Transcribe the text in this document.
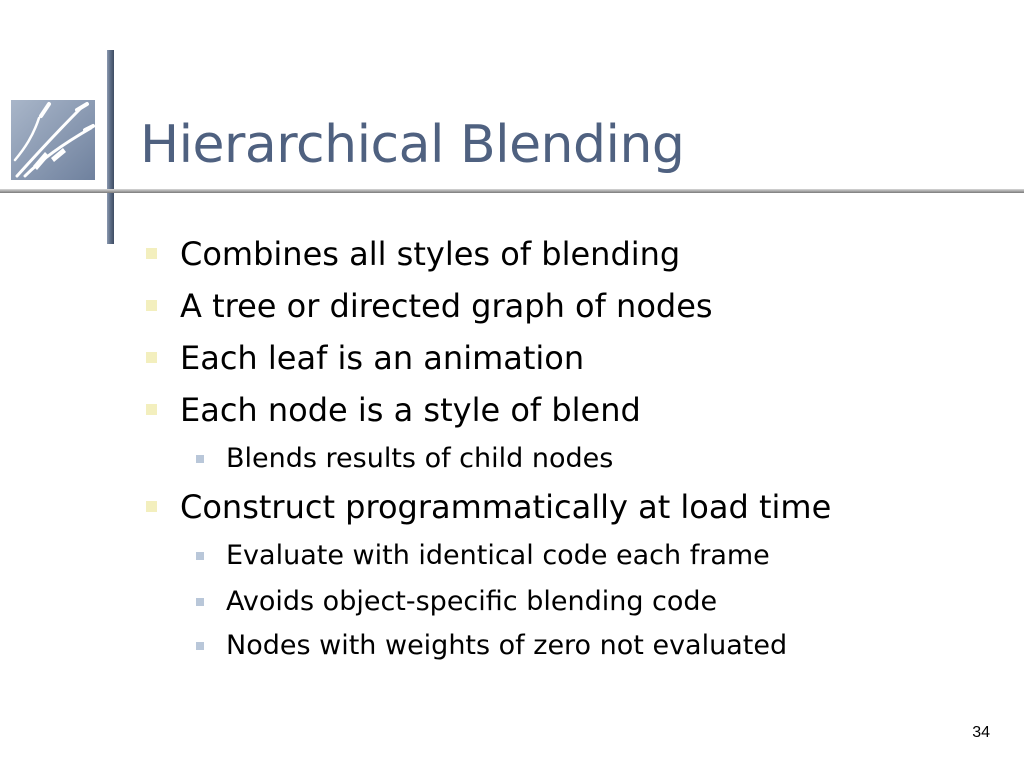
Hierarchical Blending
Combines all styles of blending
A tree or directed graph of nodes
Each leaf is an animation
Each node is a style of blend
Blends results of child nodes
Construct programmatically at load time
Evaluate with identical code each frame
Avoids object-specific blending code
Nodes with weights of zero not evaluated
34
